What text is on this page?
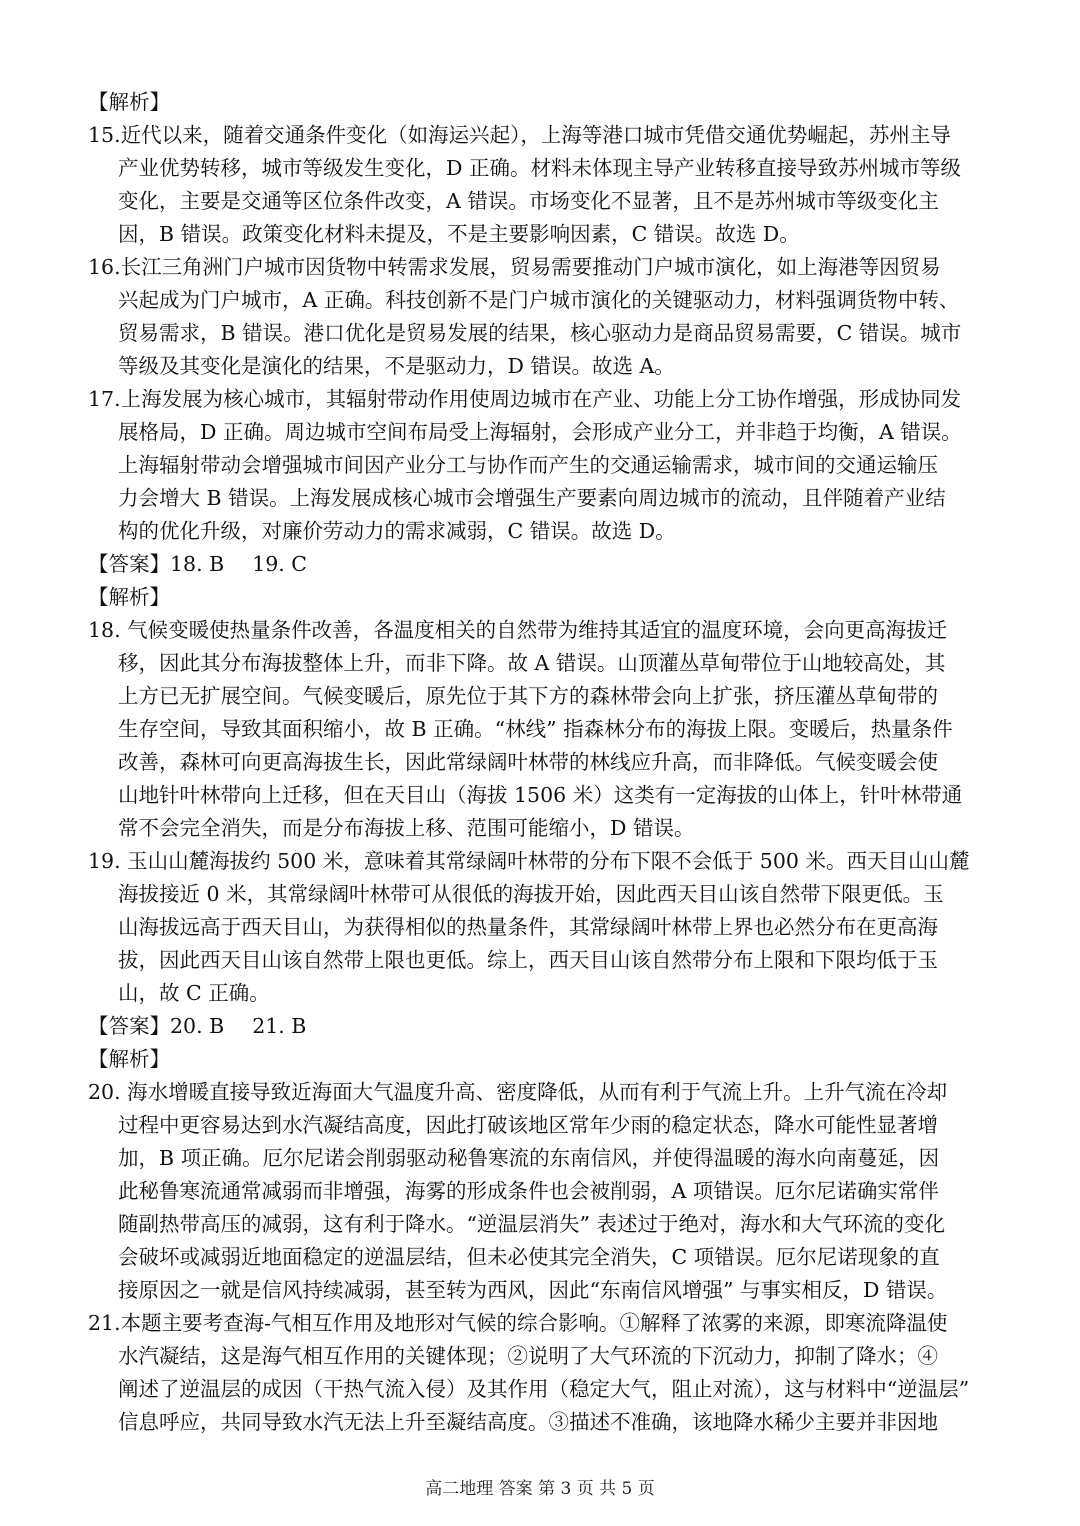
【解析】
15.近代以来，随着交通条件变化（如海运兴起），上海等港口城市凭借交通优势崛起，苏州主导
产业优势转移，城市等级发生变化，D 正确。材料未体现主导产业转移直接导致苏州城市等级
变化，主要是交通等区位条件改变，A 错误。市场变化不显著，且不是苏州城市等级变化主
因，B 错误。政策变化材料未提及，不是主要影响因素，C 错误。故选 D。
16.长江三角洲门户城市因货物中转需求发展，贸易需要推动门户城市演化，如上海港等因贸易
兴起成为门户城市，A 正确。科技创新不是门户城市演化的关键驱动力，材料强调货物中转、
贸易需求，B 错误。港口优化是贸易发展的结果，核心驱动力是商品贸易需要，C 错误。城市
等级及其变化是演化的结果，不是驱动力，D 错误。故选 A。
17.上海发展为核心城市，其辐射带动作用使周边城市在产业、功能上分工协作增强，形成协同发
展格局，D 正确。周边城市空间布局受上海辐射，会形成产业分工，并非趋于均衡，A 错误。
上海辐射带动会增强城市间因产业分工与协作而产生的交通运输需求，城市间的交通运输压
力会增大 B 错误。上海发展成核心城市会增强生产要素向周边城市的流动，且伴随着产业结
构的优化升级，对廉价劳动力的需求减弱，C 错误。故选 D。
【答案】18. B 19. C
【解析】
18. 气候变暖使热量条件改善，各温度相关的自然带为维持其适宜的温度环境，会向更高海拔迁
移，因此其分布海拔整体上升，而非下降。故 A 错误。山顶灌丛草甸带位于山地较高处，其
上方已无扩展空间。气候变暖后，原先位于其下方的森林带会向上扩张，挤压灌丛草甸带的
生存空间，导致其面积缩小，故 B 正确。“林线” 指森林分布的海拔上限。变暖后，热量条件
改善，森林可向更高海拔生长，因此常绿阔叶林带的林线应升高，而非降低。气候变暖会使
山地针叶林带向上迁移，但在天目山（海拔 1506 米）这类有一定海拔的山体上，针叶林带通
常不会完全消失，而是分布海拔上移、范围可能缩小，D 错误。
19. 玉山山麓海拔约 500 米，意味着其常绿阔叶林带的分布下限不会低于 500 米。西天目山山麓
海拔接近 0 米，其常绿阔叶林带可从很低的海拔开始，因此西天目山该自然带下限更低。玉
山海拔远高于西天目山，为获得相似的热量条件，其常绿阔叶林带上界也必然分布在更高海
拔，因此西天目山该自然带上限也更低。综上，西天目山该自然带分布上限和下限均低于玉
山，故 C 正确。
【答案】20. B 21. B
【解析】
20. 海水增暖直接导致近海面大气温度升高、密度降低，从而有利于气流上升。上升气流在冷却
过程中更容易达到水汽凝结高度，因此打破该地区常年少雨的稳定状态，降水可能性显著增
加，B 项正确。厄尔尼诺会削弱驱动秘鲁寒流的东南信风，并使得温暖的海水向南蔓延，因
此秘鲁寒流通常减弱而非增强，海雾的形成条件也会被削弱，A 项错误。厄尔尼诺确实常伴
随副热带高压的减弱，这有利于降水。“逆温层消失” 表述过于绝对，海水和大气环流的变化
会破坏或减弱近地面稳定的逆温层结，但未必使其完全消失，C 项错误。厄尔尼诺现象的直
接原因之一就是信风持续减弱，甚至转为西风，因此“东南信风增强” 与事实相反，D 错误。
21.本题主要考查海-气相互作用及地形对气候的综合影响。①解释了浓雾的来源，即寒流降温使
水汽凝结，这是海气相互作用的关键体现；②说明了大气环流的下沉动力，抑制了降水；④
阐述了逆温层的成因（干热气流入侵）及其作用（稳定大气，阻止对流），这与材料中“逆温层”
信息呼应，共同导致水汽无法上升至凝结高度。③描述不准确，该地降水稀少主要并非因地
高二地理 答案 第 3 页 共 5 页
